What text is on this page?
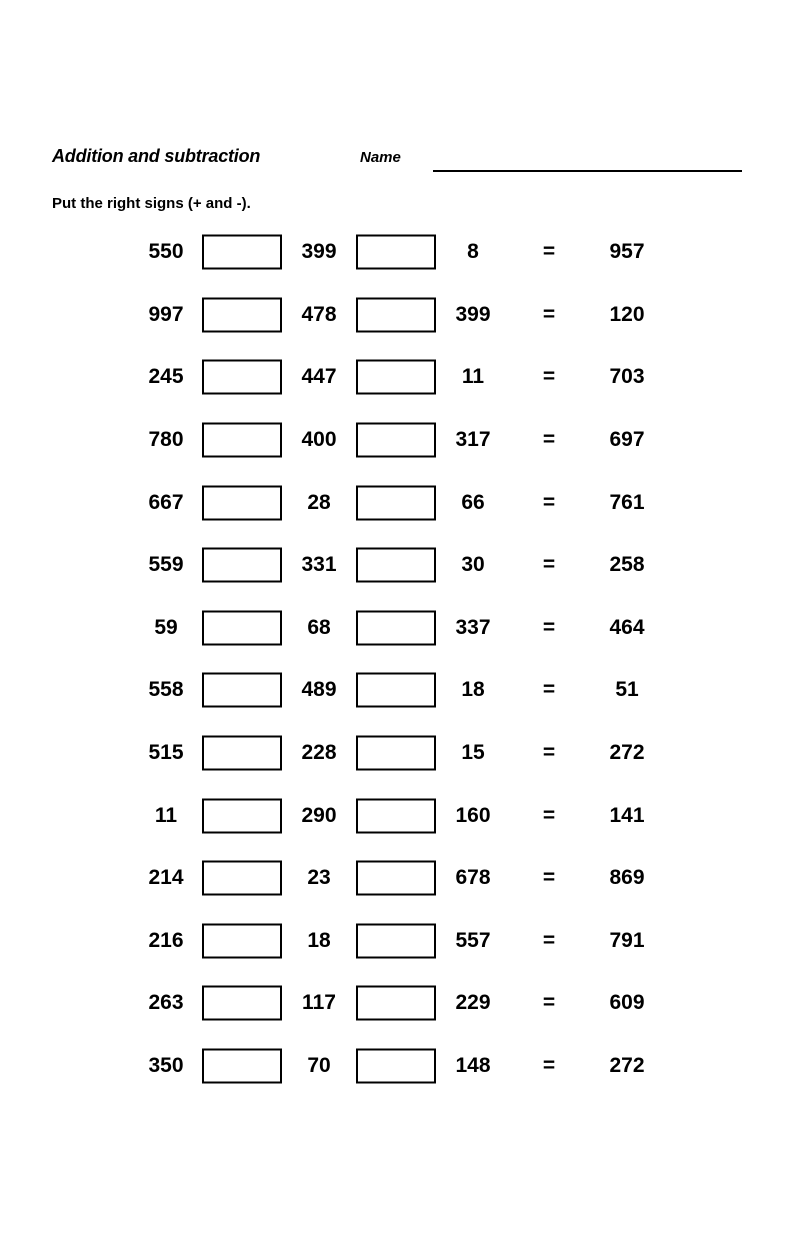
Addition and subtraction	Name
Put the right signs (+ and -).
550	399	8	=	957
997	478	399 =	120
245	447	11	=	703
780	400	317 =	697
667	28	66	=	761
559	331	30	=	258
59	68	337 =	464
558	489	18	=	51
515	228	15	=	272
11	290	160 =	141
214	23	678 =	869
216	18	557 =	791
263	117	229 =	609
350	70	148 =	272
